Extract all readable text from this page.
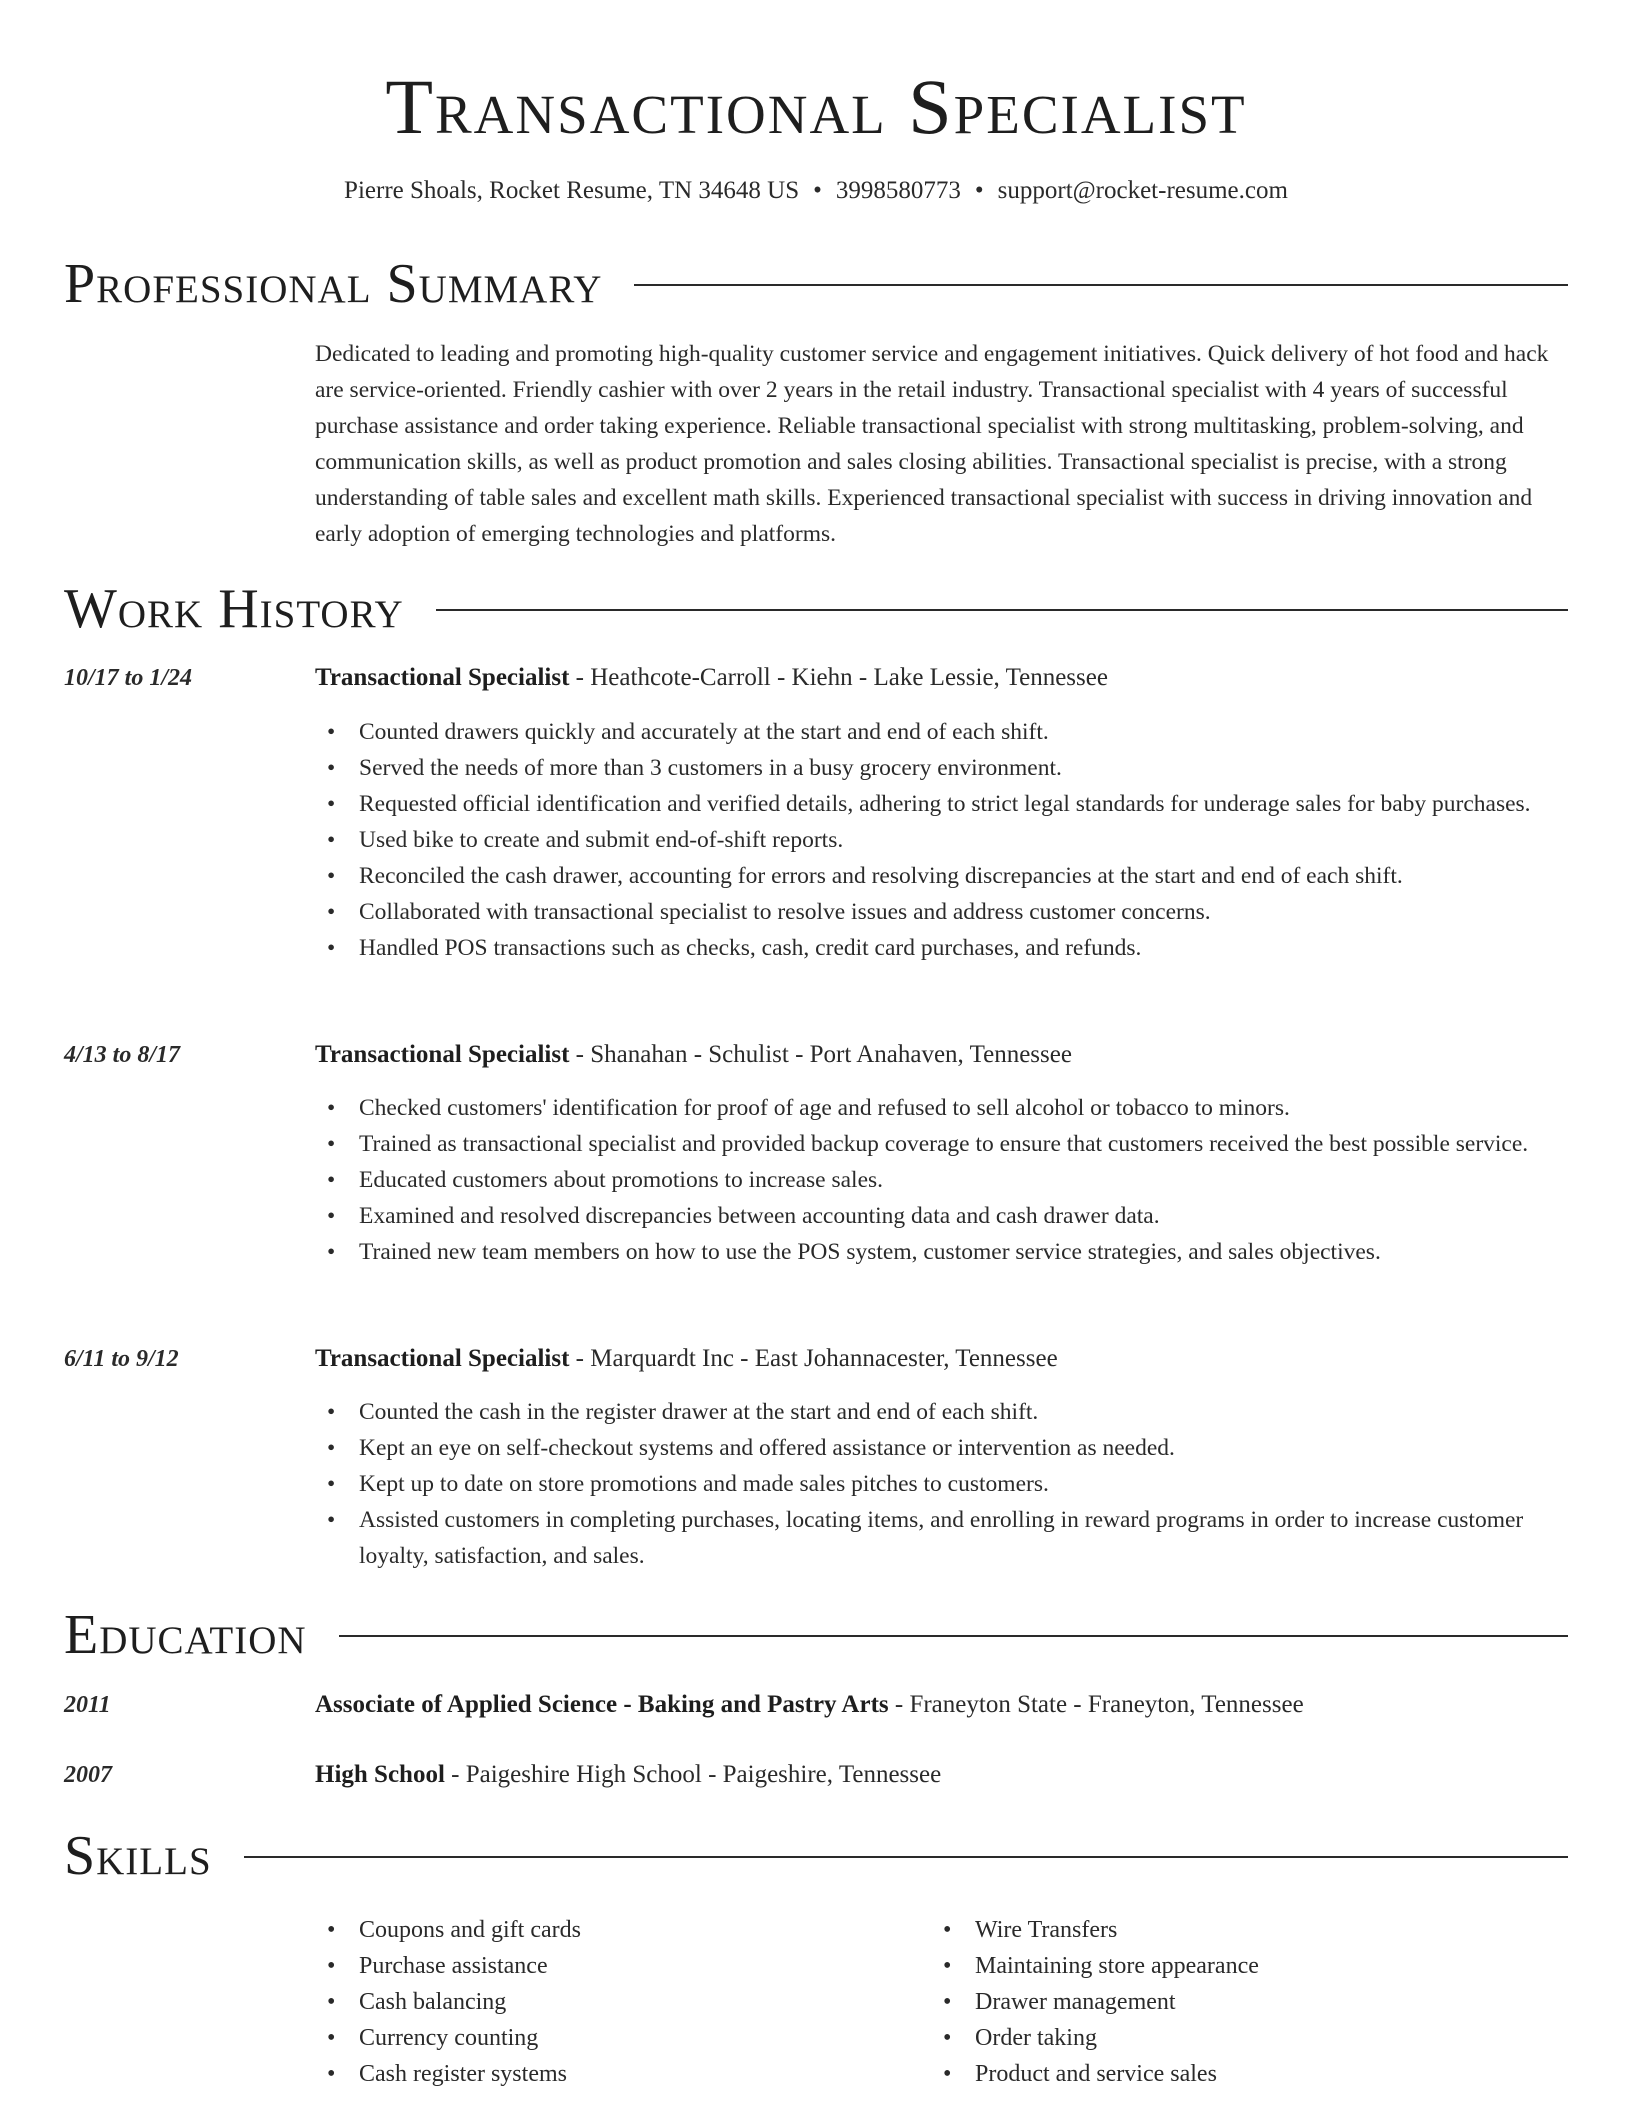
Transactional Specialist
Pierre Shoals, Rocket Resume, TN 34648 US • 3998580773 • support@rocket-resume.com
Professional Summary

Dedicated to leading and promoting high-quality customer service and engagement initiatives. Quick delivery of hot food and hack are service-oriented. Friendly cashier with over 2 years in the retail industry. Transactional specialist with 4 years of successful purchase assistance and order taking experience. Reliable transactional specialist with strong multitasking, problem-solving, and communication skills, as well as product promotion and sales closing abilities. Transactional specialist is precise, with a strong understanding of table sales and excellent math skills. Experienced transactional specialist with success in driving innovation and early adoption of emerging technologies and platforms.

Work History
10/17 to 1/24	Transactional Specialist - Heathcote-Carroll - Kiehn - Lake Lessie, Tennessee
• Counted drawers quickly and accurately at the start and end of each shift.
• Served the needs of more than 3 customers in a busy grocery environment.
• Requested official identification and verified details, adhering to strict legal standards for underage sales for baby purchases.
• Used bike to create and submit end-of-shift reports.
• Reconciled the cash drawer, accounting for errors and resolving discrepancies at the start and end of each shift.
• Collaborated with transactional specialist to resolve issues and address customer concerns.
• Handled POS transactions such as checks, cash, credit card purchases, and refunds.
4/13 to 8/17	Transactional Specialist - Shanahan - Schulist - Port Anahaven, Tennessee
• Checked customers' identification for proof of age and refused to sell alcohol or tobacco to minors.
• Trained as transactional specialist and provided backup coverage to ensure that customers received the best possible service.
• Educated customers about promotions to increase sales.
• Examined and resolved discrepancies between accounting data and cash drawer data.
• Trained new team members on how to use the POS system, customer service strategies, and sales objectives.
6/11 to 9/12	Transactional Specialist - Marquardt Inc - East Johannacester, Tennessee
• Counted the cash in the register drawer at the start and end of each shift.
• Kept an eye on self-checkout systems and offered assistance or intervention as needed.
• Kept up to date on store promotions and made sales pitches to customers.
• Assisted customers in completing purchases, locating items, and enrolling in reward programs in order to increase customer loyalty, satisfaction, and sales.
Education
2011	Associate of Applied Science - Baking and Pastry Arts - Franeyton State - Franeyton, Tennessee
2007	High School - Paigeshire High School - Paigeshire, Tennessee
Skills
• Coupons and gift cards
• Purchase assistance
• Cash balancing
• Currency counting
• Cash register systems
• Wire Transfers
• Maintaining store appearance
• Drawer management
• Order taking
• Product and service sales
